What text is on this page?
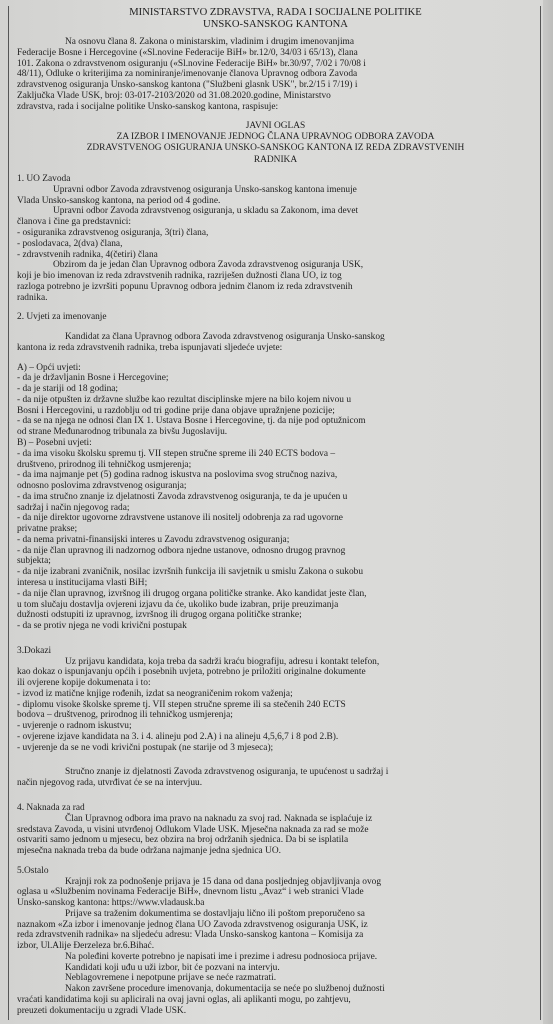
MINISTARSTVO ZDRAVSTVA, RADA I SOCIJALNE POLITIKE
UNSKO-SANSKOG KANTONA

Na osnovu člana 8. Zakona o ministarskim, vladinim i drugim imenovanjima

Federacije Bosne i Hercegovine («Sl.novine Federacije BiH» br.12/0, 34/03 i 65/13), člana

101. Zakona o zdravstvenom osiguranju («Sl.novine Federacije BiH» br.30/97, 7/02 i 70/08 i

48/11), Odluke o kriterijima za nominiranje/imenovanje članova Upravnog odbora Zavoda

zdravstvenog osiguranja Unsko-sanskog kantona ("Službeni glasnk USK", br.2/15 i 7/19) i

Zaključka Vlade USK, broj: 03-017-2103/2020 od 31.08.2020.godine, Ministarstvo

zdravstva, rada i socijalne politike Unsko-sanskog kantona, raspisuje:

JAVNI OGLAS
ZA IZBOR I IMENOVANJE JEDNOG ČLANA UPRAVNOG ODBORA ZAVODA
ZDRAVSTVENOG OSIGURANJA UNSKO-SANSKOG KANTONA IZ REDA ZDRAVSTVENIH
RADNIKA

1. UO Zavoda

Upravni odbor Zavoda zdravstvenog osiguranja Unsko-sanskog kantona imenuje

Vlada Unsko-sanskog kantona, na period od 4 godine.

Upravni odbor Zavoda zdravstvenog osiguranja, u skladu sa Zakonom, ima devet

članova i čine ga predstavnici:

- osiguranika zdravstvenog osiguranja, 3(tri) člana,

- poslodavaca, 2(dva) člana,

- zdravstvenih radnika, 4(četiri) člana

Obzirom da je jedan član Upravnog odbora Zavoda zdravstvenog osiguranja USK,

koji je bio imenovan iz reda zdravstvenih radnika, razriješen dužnosti člana UO, iz tog

razloga potrebno je izvršiti popunu Upravnog odbora jednim članom iz reda zdravstvenih

radnika.

2. Uvjeti za imenovanje

Kandidat za člana Upravnog odbora Zavoda zdravstvenog osiguranja Unsko-sanskog

kantona iz reda zdravstvenih radnika, treba ispunjavati sljedeće uvjete:

A) – Opći uvjeti:

- da je državljanin Bosne i Hercegovine;

- da je stariji od 18 godina;

- da nije otpušten iz državne službe kao rezultat disciplinske mjere na bilo kojem nivou u

Bosni i Hercegovini, u razdoblju od tri godine prije dana objave upražnjene pozicije;

- da se na njega ne odnosi član IX 1. Ustava Bosne i Hercegovine, tj. da nije pod optužnicom

od strane Međunarodnog tribunala za bivšu Jugoslaviju.

B) – Posebni uvjeti:

- da ima visoku školsku spremu tj. VII stepen stručne spreme ili 240 ECTS bodova –

društveno, prirodnog ili tehničkog usmjerenja;

- da ima najmanje pet (5) godina radnog iskustva na poslovima svog stručnog naziva,

odnosno poslovima zdravstvenog osiguranja;

- da ima stručno znanje iz djelatnosti Zavoda zdravstvenog osiguranja, te da je upućen u

sadržaj i način njegovog rada;

- da nije direktor ugovorne zdravstvene ustanove ili nositelj odobrenja za rad ugovorne

privatne prakse;

- da nema privatni-finansijski interes u Zavodu zdravstvenog osiguranja;

- da nije član upravnog ili nadzornog odbora njedne ustanove, odnosno drugog pravnog

subjekta;

- da nije izabrani zvaničnik, nosilac izvršnih funkcija ili savjetnik u smislu Zakona o sukobu

interesa u institucijama vlasti BiH;

- da nije član upravnog, izvršnog ili drugog organa političke stranke. Ako kandidat jeste član,

u tom slučaju dostavlja ovjereni izjavu da će, ukoliko bude izabran, prije preuzimanja

dužnosti odstupiti iz upravnog, izvršnog ili drugog organa političke stranke;

- da se protiv njega ne vodi krivični postupak

3.Dokazi

Uz prijavu kandidata, koja treba da sadrži kraću biografiju, adresu i kontakt telefon,

kao dokaz o ispunjavanju općih i posebnih uvjeta, potrebno je priložiti originalne dokumente

ili ovjerene kopije dokumenata i to:

- izvod iz matične knjige rođenih, izdat sa neograničenim rokom važenja;

- diplomu visoke školske spreme tj. VII stepen stručne spreme ili sa stečenih 240 ECTS

bodova – društvenog, prirodnog ili tehničkog usmjerenja;

- uvjerenje o radnom iskustvu;

- ovjerene izjave kandidata na 3. i 4. alineju pod 2.A) i na alineju 4,5,6,7 i 8 pod 2.B).

- uvjerenje da se ne vodi krivični postupak (ne starije od 3 mjeseca);

Stručno znanje iz djelatnosti Zavoda zdravstvenog osiguranja, te upućenost u sadržaj i

način njegovog rada, utvrđivat će se na intervjuu.

4. Naknada za rad

Član Upravnog odbora ima pravo na naknadu za svoj rad. Naknada se isplaćuje iz

sredstava Zavoda, u visini utvrđenoj Odlukom Vlade USK. Mjesečna naknada za rad se može

ostvariti samo jednom u mjesecu, bez obzira na broj održanih sjednica. Da bi se isplatila

mjesečna naknada treba da bude održana najmanje jedna sjednica UO.

5.Ostalo

Krajnji rok za podnošenje prijava je 15 dana od dana posljednjeg objavljivanja ovog

oglasa u «Službenim novinama Federacije BiH», dnevnom listu „Avaz“ i web stranici Vlade

Unsko-sanskog kantona: https://www.vladausk.ba

Prijave sa traženim dokumentima se dostavljaju lično ili poštom preporučeno sa

naznakom «Za izbor i imenovanje jednog člana UO Zavoda zdravstvenog osiguranja USK, iz

reda zdravstvenih radnika» na sljedeću adresu: Vlada Unsko-sanskog kantona – Komisija za

izbor, Ul.Alije Đerzeleza br.6.Bihać.

Na poleđini koverte potrebno je napisati ime i prezime i adresu podnosioca prijave.

Kandidati koji uđu u uži izbor, bit će pozvani na intervju.

Neblagovremene i nepotpune prijave se neće razmatrati.

Nakon završene procedure imenovanja, dokumentacija se neće po službenoj dužnosti

vraćati kandidatima koji su aplicirali na ovaj javni oglas, ali aplikanti mogu, po zahtjevu,

preuzeti dokumentaciju u zgradi Vlade USK.
